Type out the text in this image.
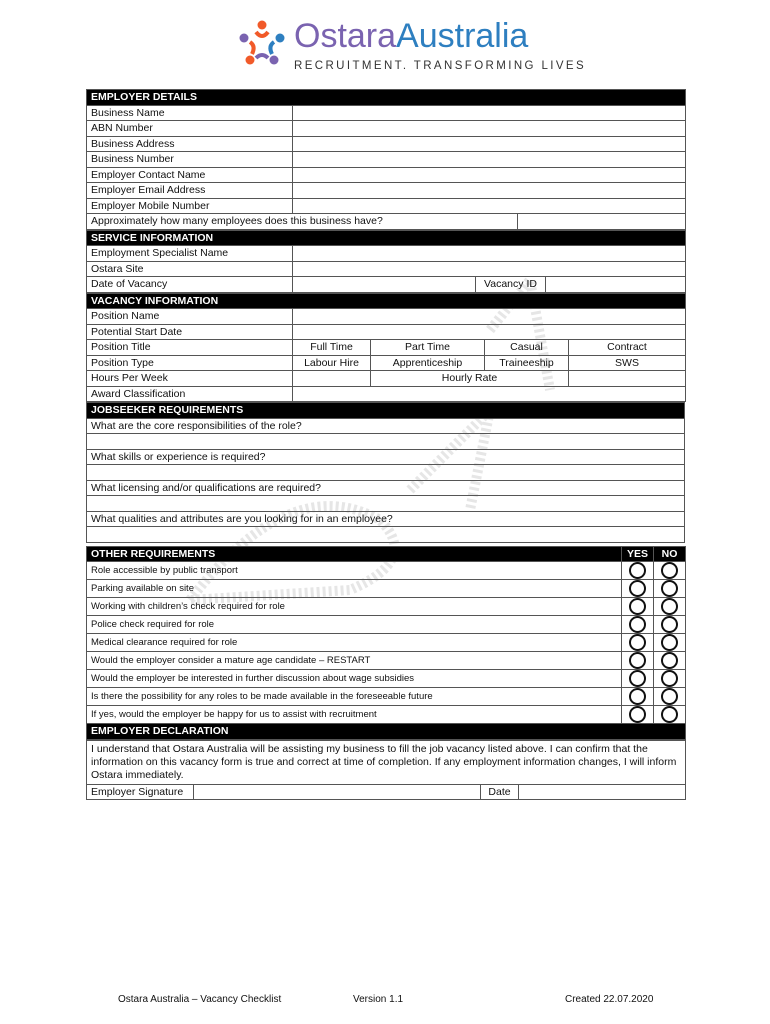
OstaraAustralia
RECRUITMENT. TRANSFORMING LIVES
EMPLOYER DETAILS		
Business Name		
ABN Number		
Business Address		
Business Number		
Employer Contact Name		
Employer Email Address		
Employer Mobile Number		
Approximately how many employees does this business have?		
SERVICE INFORMATION			
Employment Specialist Name			
Ostara Site			
Date of Vacancy		Vacancy ID	
VACANCY INFORMATION				
Position Name				
Potential Start Date				
Position Title	Full Time	Part Time	Casual	Contract
Position Type	Labour Hire	Apprenticeship	Traineeship	SWS
Hours Per Week		Hourly Rate		
Award Classification				
JOBSEEKER REQUIREMENTS
What are the core responsibilities of the role?

What skills or experience is required?

What licensing and/or qualifications are required?

What qualities and attributes are you looking for in an employee?

OTHER REQUIREMENTS	YES	NO
Role accessible by public transport		
Parking available on site		
Working with children’s check required for role		
Police check required for role		
Medical clearance required for role		
Would the employer consider a mature age candidate – RESTART		
Would the employer be interested in further discussion about wage subsidies		
Is there the possibility for any roles to be made available in the foreseeable future		
If yes, would the employer be happy for us to assist with recruitment		
EMPLOYER DECLARATION		
I understand that Ostara Australia will be assisting my business to fill the job vacancy listed above. I can confirm that the information on this vacancy form is true and correct at time of completion. If any employment information changes, I will inform Ostara immediately.
Employer Signature		Date	
Ostara Australia – Vacancy Checklist	Version 1.1	Created 22.07.2020
